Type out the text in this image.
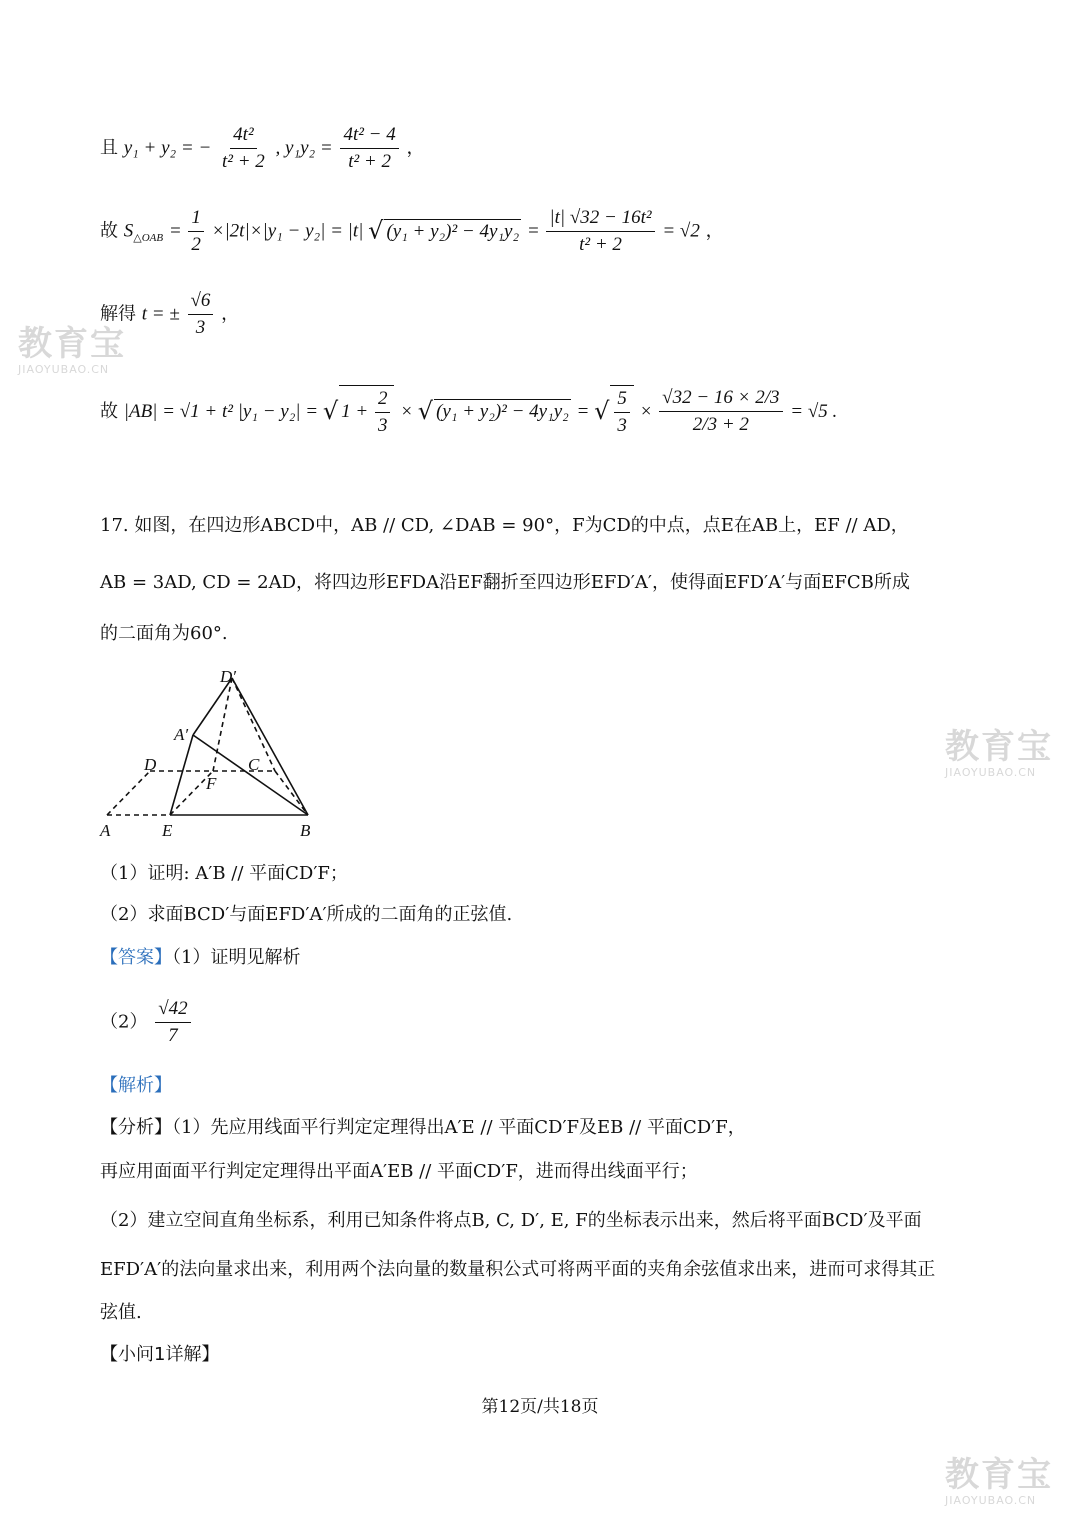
教育宝
JIAOYUBAO.CN
教育宝
JIAOYUBAO.CN
教育宝
JIAOYUBAO.CN
且 y₁ + y₂ = − $\frac{\text{4t²}}{\text{t² + 2}}$ , $y_1y_2 = \frac{\text{4t² − 4}}{\text{t² + 2}}$ ，
故 $S_{\triangle OAB} = \frac{1}{2} \times|2t|\times|y_1 - y_2| = |t|$ √ $(y_1 + y_2)^2 - 4y_1y_2 = \frac{\text{|t| √32 − 16t²}}{\text{t² + 2}} = √2$ ，
解得 t = ± $\frac{√6}{3}$ ，
故 |AB| = √1 + t² |y₁ − y₂| = √ $1 + \frac{2}{3}$ × √ (y₁ + y₂)² − 4y₁y₂ = √ $\frac{5}{3} \times \frac{√32 - 16 \times 2/3}{2/3 + 2} = √5$ .
17. 如图，在四边形ABCD中，AB // CD, ∠DAB = 90°，F为CD的中点，点E在AB上，EF // AD，
AB = 3AD, CD = 2AD，将四边形EFDA沿EF翻折至四边形EFD′A′，使得面EFD′A′与面EFCB所成
的二面角为60°.
D′
A′
D	C
F
A	E	B
（1）证明: A′B // 平面CD′F；
（2）求面BCD′与面EFD′A′所成的二面角的正弦值.
【答案】（1）证明见解析
$(2) \frac{√42}{7}$
【解析】
【分析】（1）先应用线面平行判定定理得出A′E // 平面CD′F及EB // 平面CD′F，
再应用面面平行判定定理得出平面A′EB // 平面CD′F，进而得出线面平行；
（2）建立空间直角坐标系，利用已知条件将点B, C, D′, E, F的坐标表示出来，然后将平面BCD′及平面
EFD′A′的法向量求出来，利用两个法向量的数量积公式可将两平面的夹角余弦值求出来，进而可求得其正
弦值.
【小问1详解】
第12页/共18页
